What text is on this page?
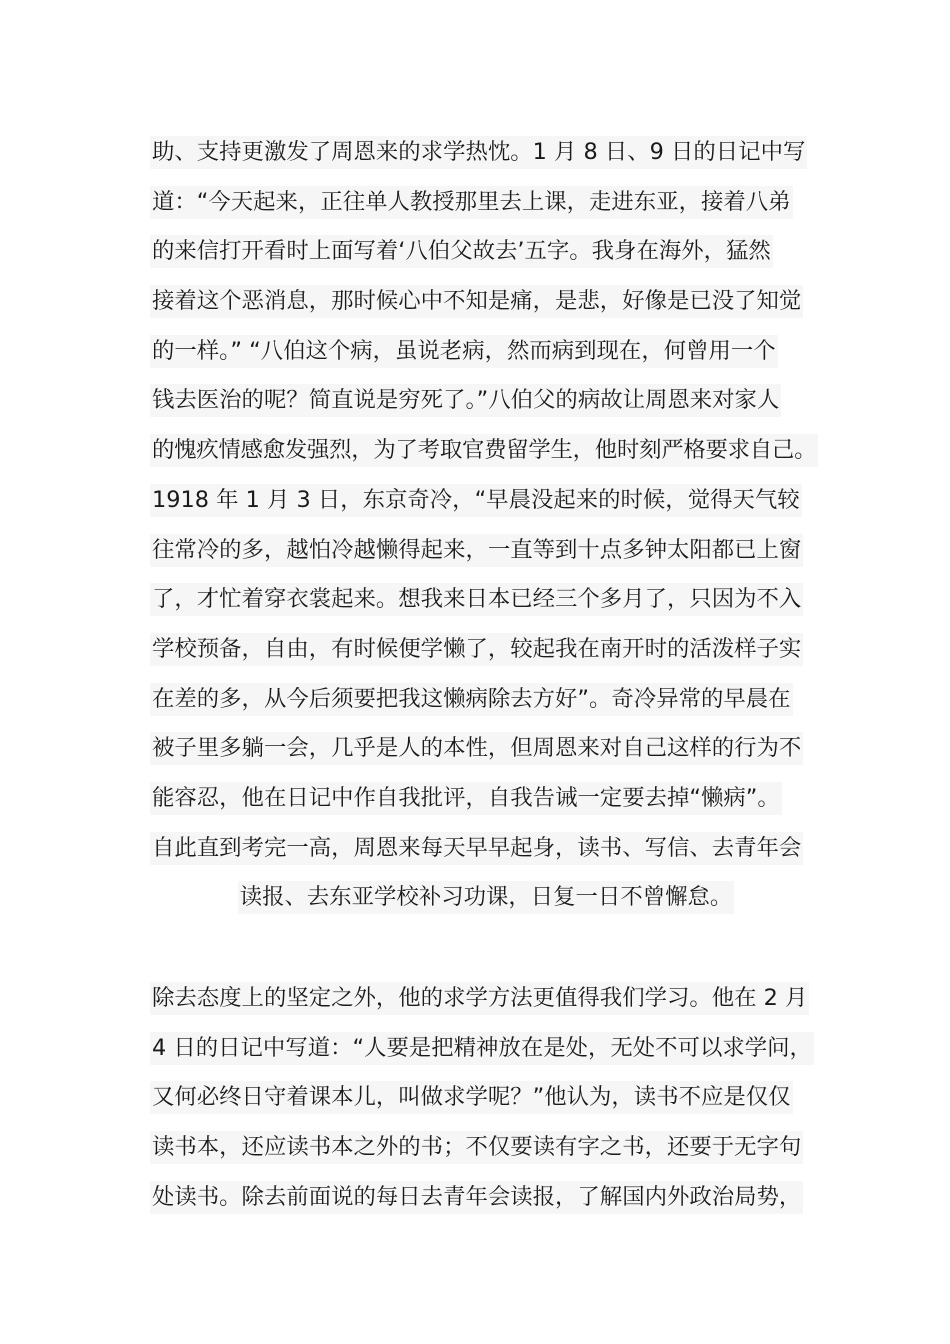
助、支持更激发了周恩来的求学热忱。1 月 8 日、9 日的日记中写
道：“今天起来，正往单人教授那里去上课，走进东亚，接着八弟
的来信打开看时上面写着‘八伯父故去’五字。我身在海外，猛然
接着这个恶消息，那时候心中不知是痛，是悲，好像是已没了知觉
的一样。” “八伯这个病，虽说老病，然而病到现在，何曾用一个
钱去医治的呢？简直说是穷死了。”八伯父的病故让周恩来对家人
的愧疚情感愈发强烈，为了考取官费留学生，他时刻严格要求自己。
1918 年 1 月 3 日，东京奇冷，“早晨没起来的时候，觉得天气较
往常冷的多，越怕冷越懒得起来，一直等到十点多钟太阳都已上窗
了，才忙着穿衣裳起来。想我来日本已经三个多月了，只因为不入
学校预备，自由，有时候便学懒了，较起我在南开时的活泼样子实
在差的多，从今后须要把我这懒病除去方好”。奇冷异常的早晨在
被子里多躺一会，几乎是人的本性，但周恩来对自己这样的行为不
能容忍，他在日记中作自我批评，自我告诫一定要去掉“懒病”。
自此直到考完一高，周恩来每天早早起身，读书、写信、去青年会
读报、去东亚学校补习功课，日复一日不曾懈怠。
除去态度上的坚定之外，他的求学方法更值得我们学习。他在 2 月
4 日的日记中写道：“人要是把精神放在是处，无处不可以求学问，
又何必终日守着课本儿，叫做求学呢？”他认为，读书不应是仅仅
读书本，还应读书本之外的书；不仅要读有字之书，还要于无字句
处读书。除去前面说的每日去青年会读报，了解国内外政治局势，
